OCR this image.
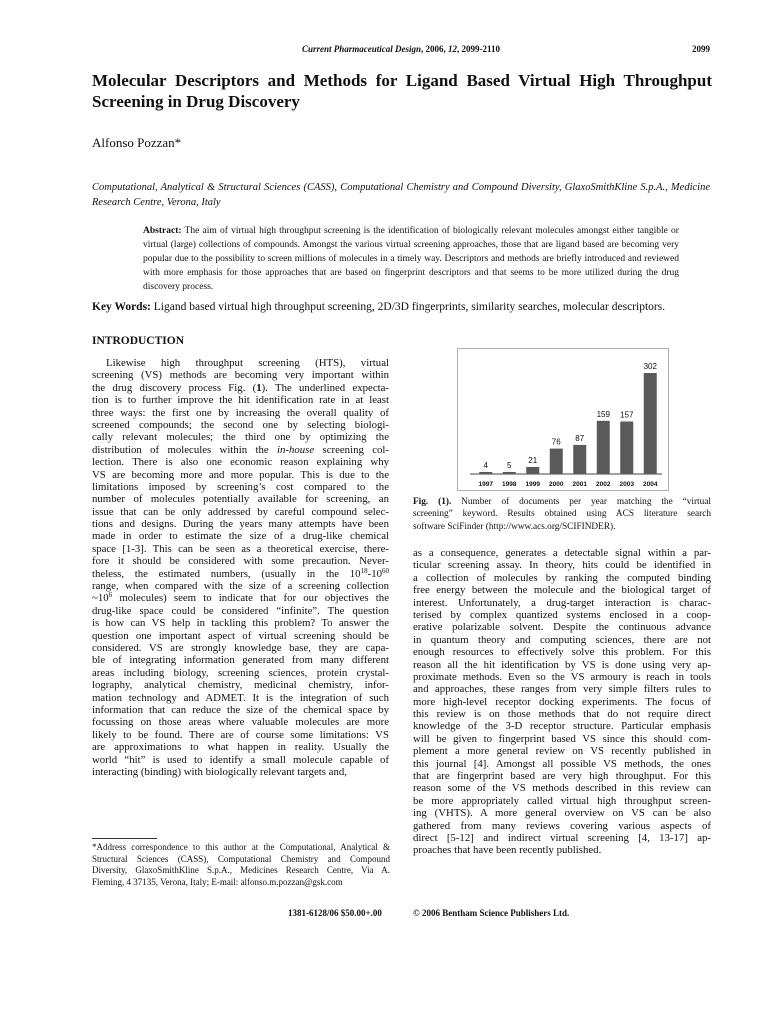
Current Pharmaceutical Design, 2006, 12, 2099-2110	2099
Molecular Descriptors and Methods for Ligand Based Virtual High Throughput Screening in Drug Discovery
Alfonso Pozzan*
Computational, Analytical & Structural Sciences (CASS), Computational Chemistry and Compound Diversity, GlaxoSmithKline S.p.A., Medicine Research Centre, Verona, Italy
Abstract: The aim of virtual high throughput screening is the identification of biologically relevant molecules amongst either tangible or virtual (large) collections of compounds. Amongst the various virtual screening approaches, those that are ligand based are becoming very popular due to the possibility to screen millions of molecules in a timely way. Descriptors and methods are briefly introduced and reviewed with more emphasis for those approaches that are based on fingerprint descriptors and that seems to be more utilized during the drug discovery process.
Key Words: Ligand based virtual high throughput screening, 2D/3D fingerprints, similarity searches, molecular descriptors.
INTRODUCTION
Likewise high throughput screening (HTS), virtual
screening (VS) methods are becoming very important within
the drug discovery process Fig. (1). The underlined expecta-
tion is to further improve the hit identification rate in at least
three ways: the first one by increasing the overall quality of
screened compounds; the second one by selecting biologi-
cally relevant molecules; the third one by optimizing the
distribution of molecules within the in-house screening col-
lection. There is also one economic reason explaining why
VS are becoming more and more popular. This is due to the
limitations imposed by screening’s cost compared to the
number of molecules potentially available for screening, an
issue that can be only addressed by careful compound selec-
tions and designs. During the years many attempts have been
made in order to estimate the size of a drug-like chemical
space [1-3]. This can be seen as a theoretical exercise, there-
fore it should be considered with some precaution. Never-
theless, the estimated numbers, (usually in the $10^{18}-10^{60}$
range, when compared with the size of a screening collection
$\sim 10^6$ molecules) seem to indicate that for our objectives the
drug-like space could be considered “infinite”. The question
is how can VS help in tackling this problem? To answer the
question one important aspect of virtual screening should be
considered. VS are strongly knowledge base, they are capa-
ble of integrating information generated from many different
areas including biology, screening sciences, protein crystal-
lography, analytical chemistry, medicinal chemistry, infor-
mation technology and ADMET. It is the integration of such
information that can reduce the size of the chemical space by
focussing on those areas where valuable molecules are more
likely to be found. There are of course some limitations: VS
are approximations to what happen in reality. Usually the
world “hit” is used to identify a small molecule capable of
interacting (binding) with biologically relevant targets and,
4
1997
5
1998
21
1999
76
2000
87
2001
159
2002
157
2003
302
2004
Fig. (1). Number of documents per year matching the “virtual
screening” keyword. Results obtained using ACS literature search
software SciFinder (http://www.acs.org/SCIFINDER).
as a consequence, generates a detectable signal within a par-
ticular screening assay. In theory, hits could be identified in
a collection of molecules by ranking the computed binding
free energy between the molecule and the biological target of
interest. Unfortunately, a drug-target interaction is charac-
terised by complex quantized systems enclosed in a coop-
erative polarizable solvent. Despite the continuous advance
in quantum theory and computing sciences, there are not
enough resources to effectively solve this problem. For this
reason all the hit identification by VS is done using very ap-
proximate methods. Even so the VS armoury is reach in tools
and approaches, these ranges from very simple filters rules to
more high-level receptor docking experiments. The focus of
this review is on those methods that do not require direct
knowledge of the 3-D receptor structure. Particular emphasis
will be given to fingerprint based VS since this should com-
plement a more general review on VS recently published in
this journal [4]. Amongst all possible VS methods, the ones
that are fingerprint based are very high throughput. For this
reason some of the VS methods described in this review can
be more appropriately called virtual high throughput screen-
ing (VHTS). A more general overview on VS can be also
gathered from many reviews covering various aspects of
direct [5-12] and indirect virtual screening [4, 13-17] ap-
proaches that have been recently published.
*Address correspondence to this author at the Computational, Analytical &
Structural Sciences (CASS), Computational Chemistry and Compound
Diversity, GlaxoSmithKline S.p.A., Medicines Research Centre, Via A.
Fleming, 4 37135, Verona, Italy; E-mail: alfonso.m.pozzan@gsk.com
1381-6128/06 $50.00+.00	© 2006 Bentham Science Publishers Ltd.
